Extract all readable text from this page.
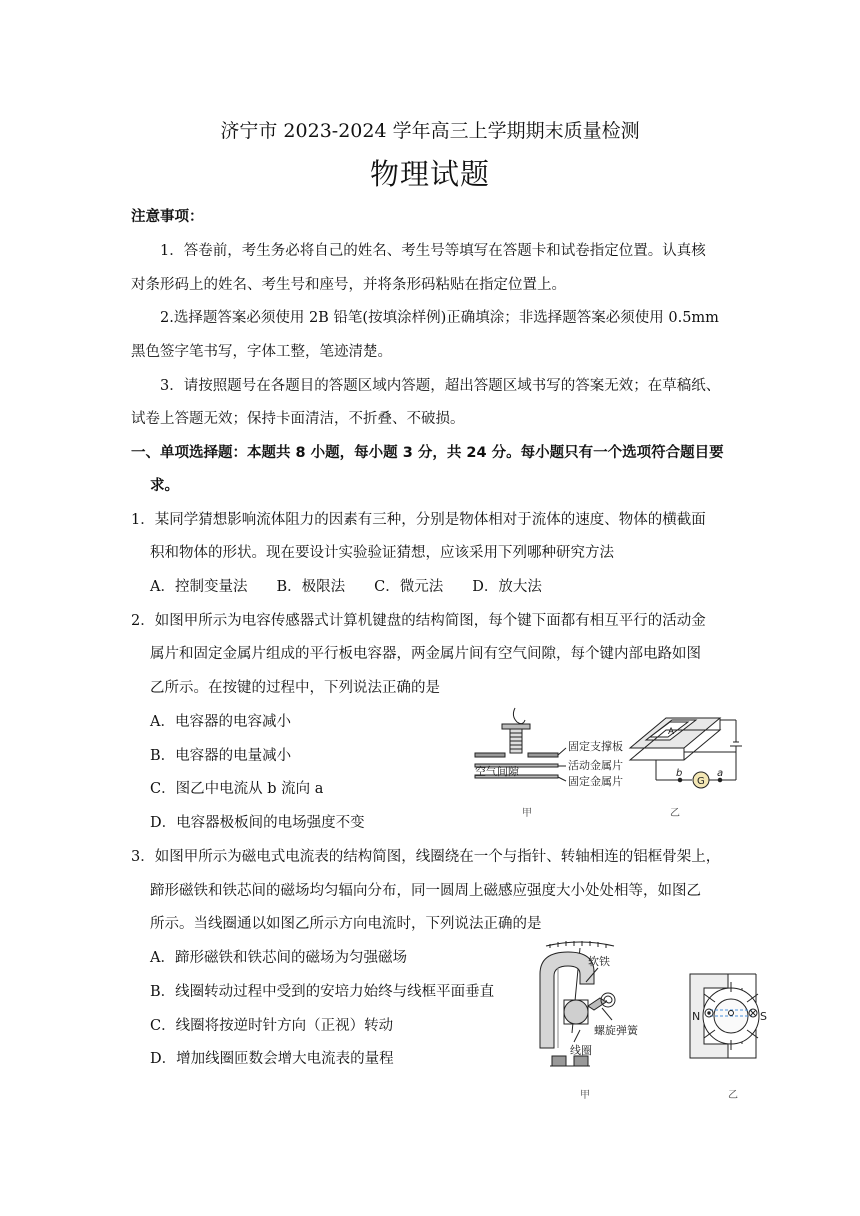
济宁市 2023-2024 学年高三上学期期末质量检测
物理试题
注意事项：
1．答卷前，考生务必将自己的姓名、考生号等填写在答题卡和试卷指定位置。认真核
对条形码上的姓名、考生号和座号，并将条形码粘贴在指定位置上。
2.选择题答案必须使用 2B 铅笔(按填涂样例)正确填涂；非选择题答案必须使用 0.5mm
黑色签字笔书写，字体工整，笔迹清楚。
3．请按照题号在各题目的答题区域内答题，超出答题区域书写的答案无效；在草稿纸、
试卷上答题无效；保持卡面清洁，不折叠、不破损。
一、单项选择题：本题共 8 小题，每小题 3 分，共 24 分。每小题只有一个选项符合题目要
求。
1．某同学猜想影响流体阻力的因素有三种，分别是物体相对于流体的速度、物体的横截面
积和物体的形状。现在要设计实验验证猜想，应该采用下列哪种研究方法
A．控制变量法　　B．极限法　　C．微元法　　D．放大法
2．如图甲所示为电容传感器式计算机键盘的结构简图，每个键下面都有相互平行的活动金
属片和固定金属片组成的平行板电容器，两金属片间有空气间隙，每个键内部电路如图
乙所示。在按键的过程中，下列说法正确的是
A．电容器的电容减小
B．电容器的电量减小
C．图乙中电流从 b 流向 a
D．电容器极板间的电场强度不变
固定支撑板
活动金属片
固定金属片
空气间隙
甲
A
b	a
G
乙
3．如图甲所示为磁电式电流表的结构简图，线圈绕在一个与指针、转轴相连的铝框骨架上，
蹄形磁铁和铁芯间的磁场均匀辐向分布，同一圆周上磁感应强度大小处处相等，如图乙
所示。当线圈通以如图乙所示方向电流时，下列说法正确的是
A．蹄形磁铁和铁芯间的磁场为匀强磁场
B．线圈转动过程中受到的安培力始终与线框平面垂直
C．线圈将按逆时针方向（正视）转动
D．增加线圈匝数会增大电流表的量程
软铁
螺旋弹簧
线圈
甲
N	S
乙
